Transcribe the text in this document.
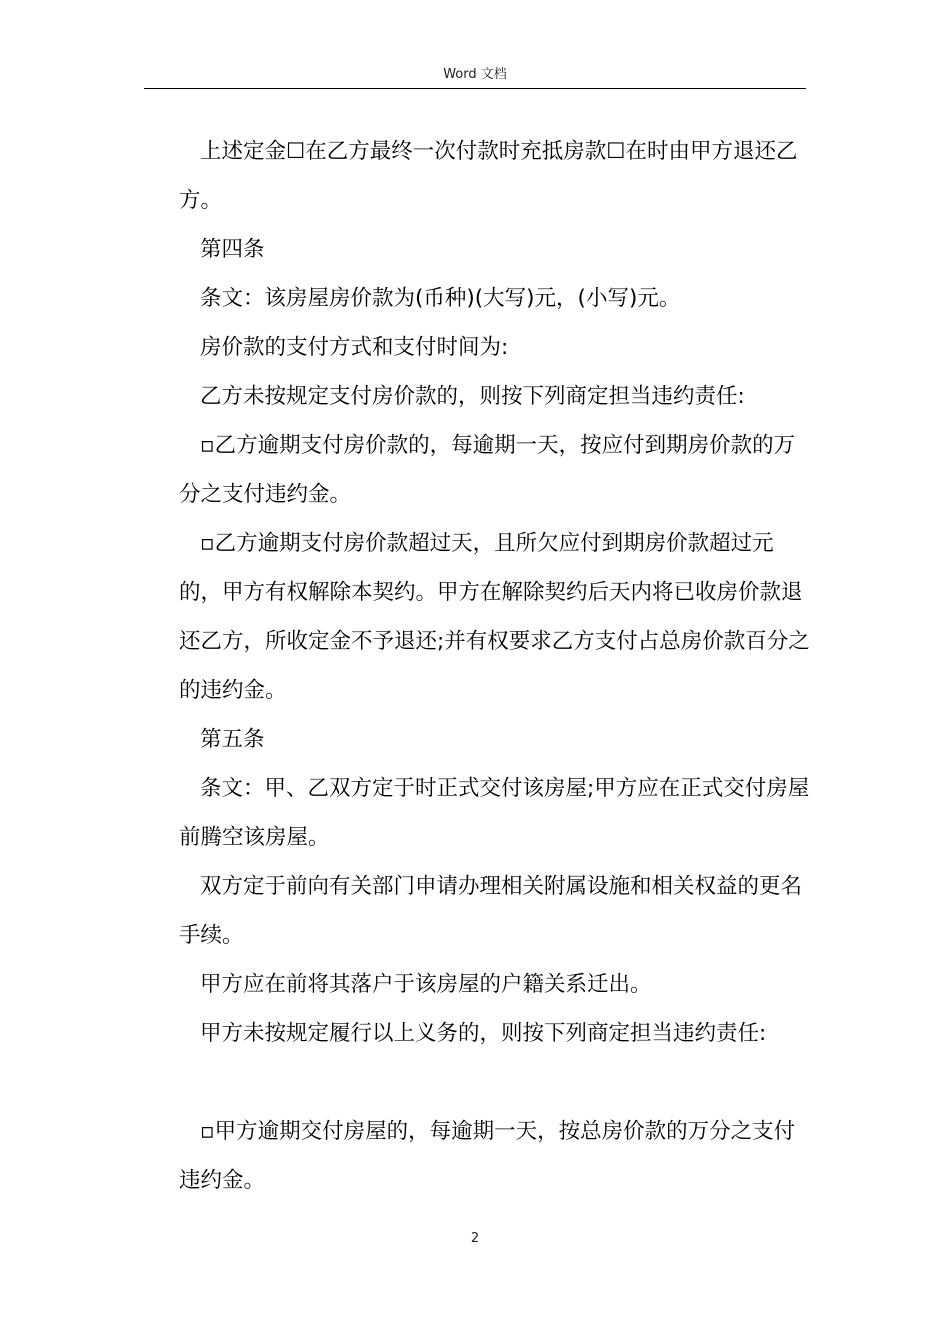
Word 文档

上述定金☐在乙方最终一次付款时充抵房款☐在时由甲方退还乙方。

第四条

条文：该房屋房价款为(币种)(大写)元，(小写)元。

房价款的支付方式和支付时间为:

乙方未按规定支付房价款的，则按下列商定担当违约责任:

▫乙方逾期支付房价款的，每逾期一天，按应付到期房价款的万分之支付违约金。

▫乙方逾期支付房价款超过天，且所欠应付到期房价款超过元的，甲方有权解除本契约。甲方在解除契约后天内将已收房价款退还乙方，所收定金不予退还;并有权要求乙方支付占总房价款百分之的违约金。

第五条

条文：甲、乙双方定于时正式交付该房屋;甲方应在正式交付房屋前腾空该房屋。

双方定于前向有关部门申请办理相关附属设施和相关权益的更名手续。

甲方应在前将其落户于该房屋的户籍关系迁出。

甲方未按规定履行以上义务的，则按下列商定担当违约责任:

▫甲方逾期交付房屋的，每逾期一天，按总房价款的万分之支付违约金。

2
